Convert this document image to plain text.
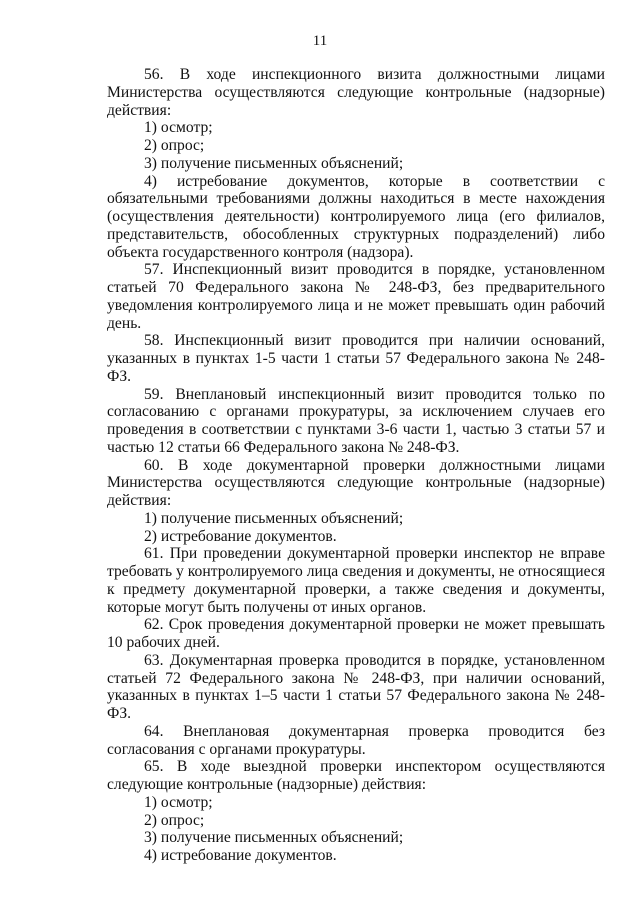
11

56. В ходе инспекционного визита должностными лицами Министерства осуществляются следующие контрольные (надзорные) действия:

1) осмотр;

2) опрос;

3) получение письменных объяснений;

4) истребование документов, которые в соответствии с обязательными требованиями должны находиться в месте нахождения (осуществления деятельности) контролируемого лица (его филиалов, представительств, обособленных структурных подразделений) либо объекта государственного контроля (надзора).

57. Инспекционный визит проводится в порядке, установленном статьей 70 Федерального закона № 248-ФЗ, без предварительного уведомления контролируемого лица и не может превышать один рабочий день.

58. Инспекционный визит проводится при наличии оснований, указанных в пунктах 1-5 части 1 статьи 57 Федерального закона № 248-ФЗ.

59. Внеплановый инспекционный визит проводится только по согласованию с органами прокуратуры, за исключением случаев его проведения в соответствии с пунктами 3-6 части 1, частью 3 статьи 57 и частью 12 статьи 66 Федерального закона № 248-ФЗ.

60. В ходе документарной проверки должностными лицами Министерства осуществляются следующие контрольные (надзорные) действия:

1) получение письменных объяснений;

2) истребование документов.

61. При проведении документарной проверки инспектор не вправе требовать у контролируемого лица сведения и документы, не относящиеся к предмету документарной проверки, а также сведения и документы, которые могут быть получены от иных органов.

62. Срок проведения документарной проверки не может превышать 10 рабочих дней.

63. Документарная проверка проводится в порядке, установленном статьей 72 Федерального закона № 248-ФЗ, при наличии оснований, указанных в пунктах 1–5 части 1 статьи 57 Федерального закона № 248-ФЗ.

64. Внеплановая документарная проверка проводится без согласования с органами прокуратуры.

65. В ходе выездной проверки инспектором осуществляются следующие контрольные (надзорные) действия:

1) осмотр;

2) опрос;

3) получение письменных объяснений;

4) истребование документов.
